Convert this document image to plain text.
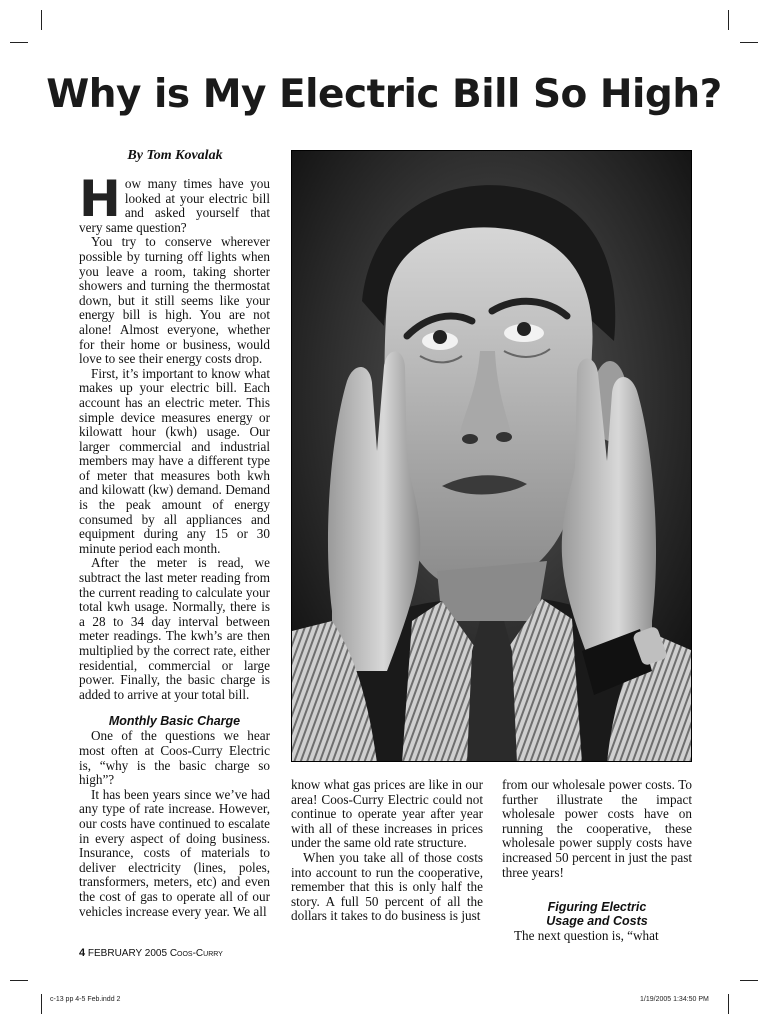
Why is My Electric Bill So High?
By Tom Kovalak

How many times have you looked at your electric bill and asked yourself that very same question?

You try to conserve wherever possible by turning off lights when you leave a room, taking shorter showers and turning the thermostat down, but it still seems like your energy bill is high. You are not alone! Almost everyone, whether for their home or business, would love to see their energy costs drop.

First, it’s important to know what makes up your electric bill. Each account has an electric meter. This simple device measures energy or kilowatt hour (kwh) usage. Our larger commercial and industrial members may have a different type of meter that measures both kwh and kilowatt (kw) demand. Demand is the peak amount of energy consumed by all appliances and equipment during any 15 or 30 minute period each month.

After the meter is read, we subtract the last meter reading from the current reading to calculate your total kwh usage. Normally, there is a 28 to 34 day interval between meter readings. The kwh’s are then multiplied by the correct rate, either residential, commercial or large power. Finally, the basic charge is added to arrive at your total bill.

Monthly Basic Charge

One of the questions we hear most often at Coos-Curry Electric is, “why is the basic charge so high”?

It has been years since we’ve had any type of rate increase. However, our costs have continued to escalate in every aspect of doing business. Insurance, costs of materials to deliver electricity (lines, poles, transformers, meters, etc) and even the cost of gas to operate all of our vehicles increase every year. We all

know what gas prices are like in our area! Coos-Curry Electric could not continue to operate year after year with all of these increases in prices under the same old rate structure.

When you take all of those costs into account to run the cooperative, remember that this is only half the story. A full 50 percent of all the dollars it takes to do business is just

from our wholesale power costs. To further illustrate the impact wholesale power costs have on running the cooperative, these wholesale power supply costs have increased 50 percent in just the past three years!

Figuring Electric
Usage and Costs

The next question is, “what

4 FEBRUARY 2005 Coos-Curry
c-13 pp 4-5 Feb.indd 2	1/19/2005 1:34:50 PM
